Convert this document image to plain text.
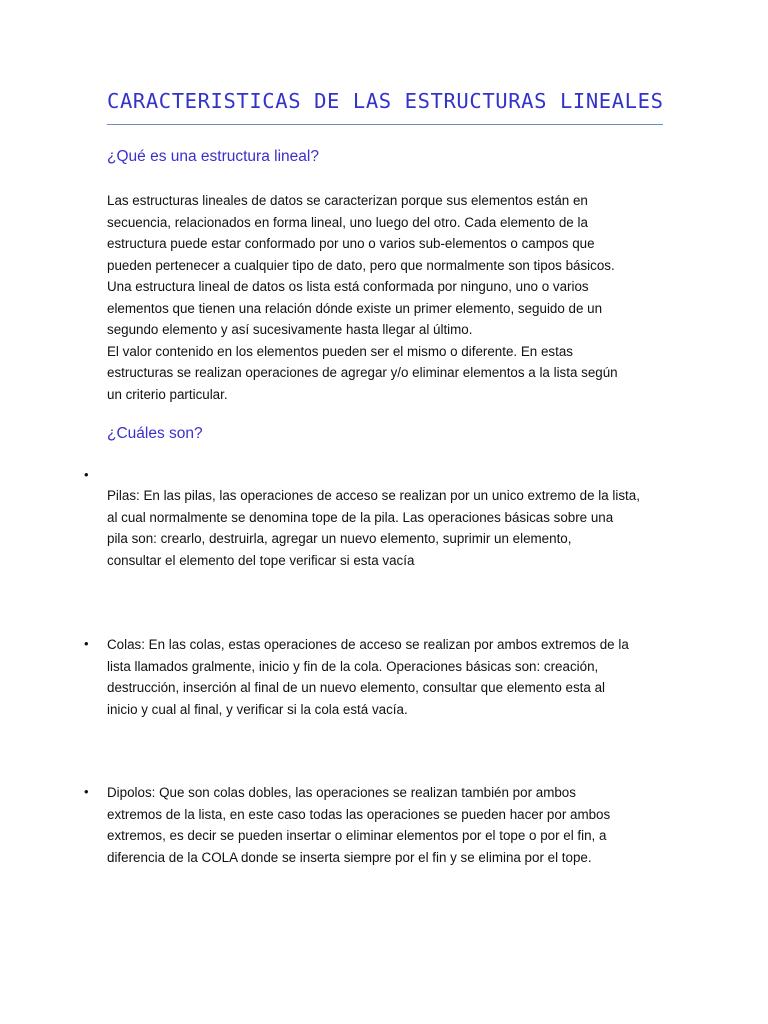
CARACTERISTICAS DE LAS ESTRUCTURAS LINEALES
¿Qué es una estructura lineal?

Las estructuras lineales de datos se caracterizan porque sus elementos están en
secuencia, relacionados en forma lineal, uno luego del otro. Cada elemento de la
estructura puede estar conformado por uno o varios sub-elementos o campos que
pueden pertenecer a cualquier tipo de dato, pero que normalmente son tipos básicos.
Una estructura lineal de datos os lista está conformada por ninguno, uno o varios
elementos que tienen una relación dónde existe un primer elemento, seguido de un
segundo elemento y así sucesivamente hasta llegar al último.
El valor contenido en los elementos pueden ser el mismo o diferente. En estas
estructuras se realizan operaciones de agregar y/o eliminar elementos a la lista según
un criterio particular.

¿Cuáles son?
•

Pilas: En las pilas, las operaciones de acceso se realizan por un unico extremo de la lista,
al cual normalmente se denomina tope de la pila. Las operaciones básicas sobre una
pila son: crearlo, destruirla, agregar un nuevo elemento, suprimir un elemento,
consultar el elemento del tope verificar si esta vacía

• Colas: En las colas, estas operaciones de acceso se realizan por ambos extremos de la
lista llamados gralmente, inicio y fin de la cola. Operaciones básicas son: creación,
destrucción, inserción al final de un nuevo elemento, consultar que elemento esta al
inicio y cual al final, y verificar si la cola está vacía.

• Dipolos: Que son colas dobles, las operaciones se realizan también por ambos
extremos de la lista, en este caso todas las operaciones se pueden hacer por ambos
extremos, es decir se pueden insertar o eliminar elementos por el tope o por el fin, a
diferencia de la COLA donde se inserta siempre por el fin y se elimina por el tope.
